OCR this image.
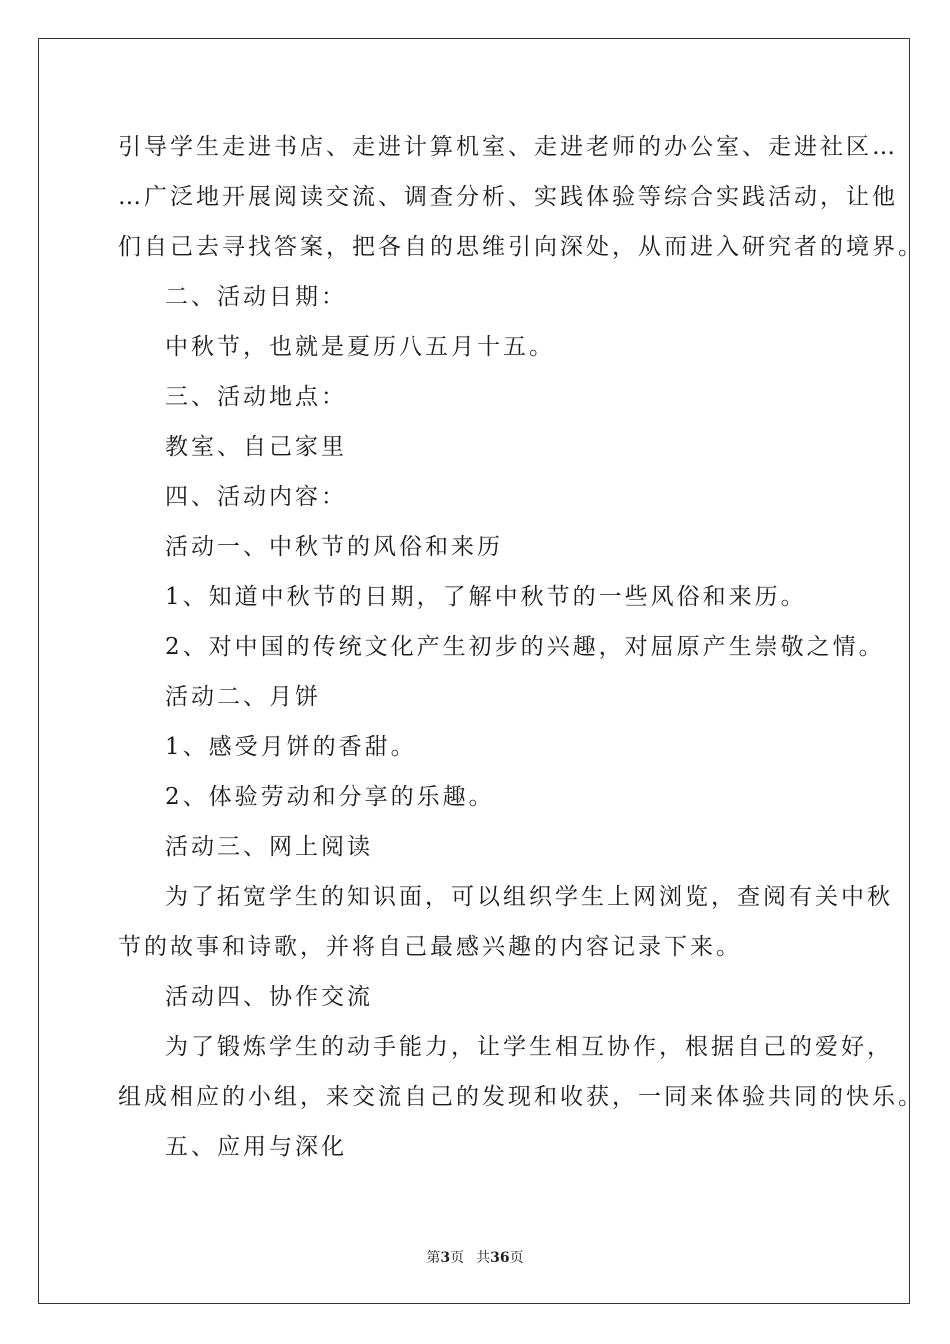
引导学生走进书店、走进计算机室、走进老师的办公室、走进社区…
…广泛地开展阅读交流、调查分析、实践体验等综合实践活动，让他
们自己去寻找答案，把各自的思维引向深处，从而进入研究者的境界。
二、活动日期：
中秋节，也就是夏历八五月十五。
三、活动地点：
教室、自己家里
四、活动内容：
活动一、中秋节的风俗和来历
1、知道中秋节的日期，了解中秋节的一些风俗和来历。
2、对中国的传统文化产生初步的兴趣，对屈原产生崇敬之情。
活动二、月饼
1、感受月饼的香甜。
2、体验劳动和分享的乐趣。
活动三、网上阅读
为了拓宽学生的知识面，可以组织学生上网浏览，查阅有关中秋
节的故事和诗歌，并将自己最感兴趣的内容记录下来。
活动四、协作交流
为了锻炼学生的动手能力，让学生相互协作，根据自己的爱好，
组成相应的小组，来交流自己的发现和收获，一同来体验共同的快乐。
五、应用与深化
第3页 共36页
